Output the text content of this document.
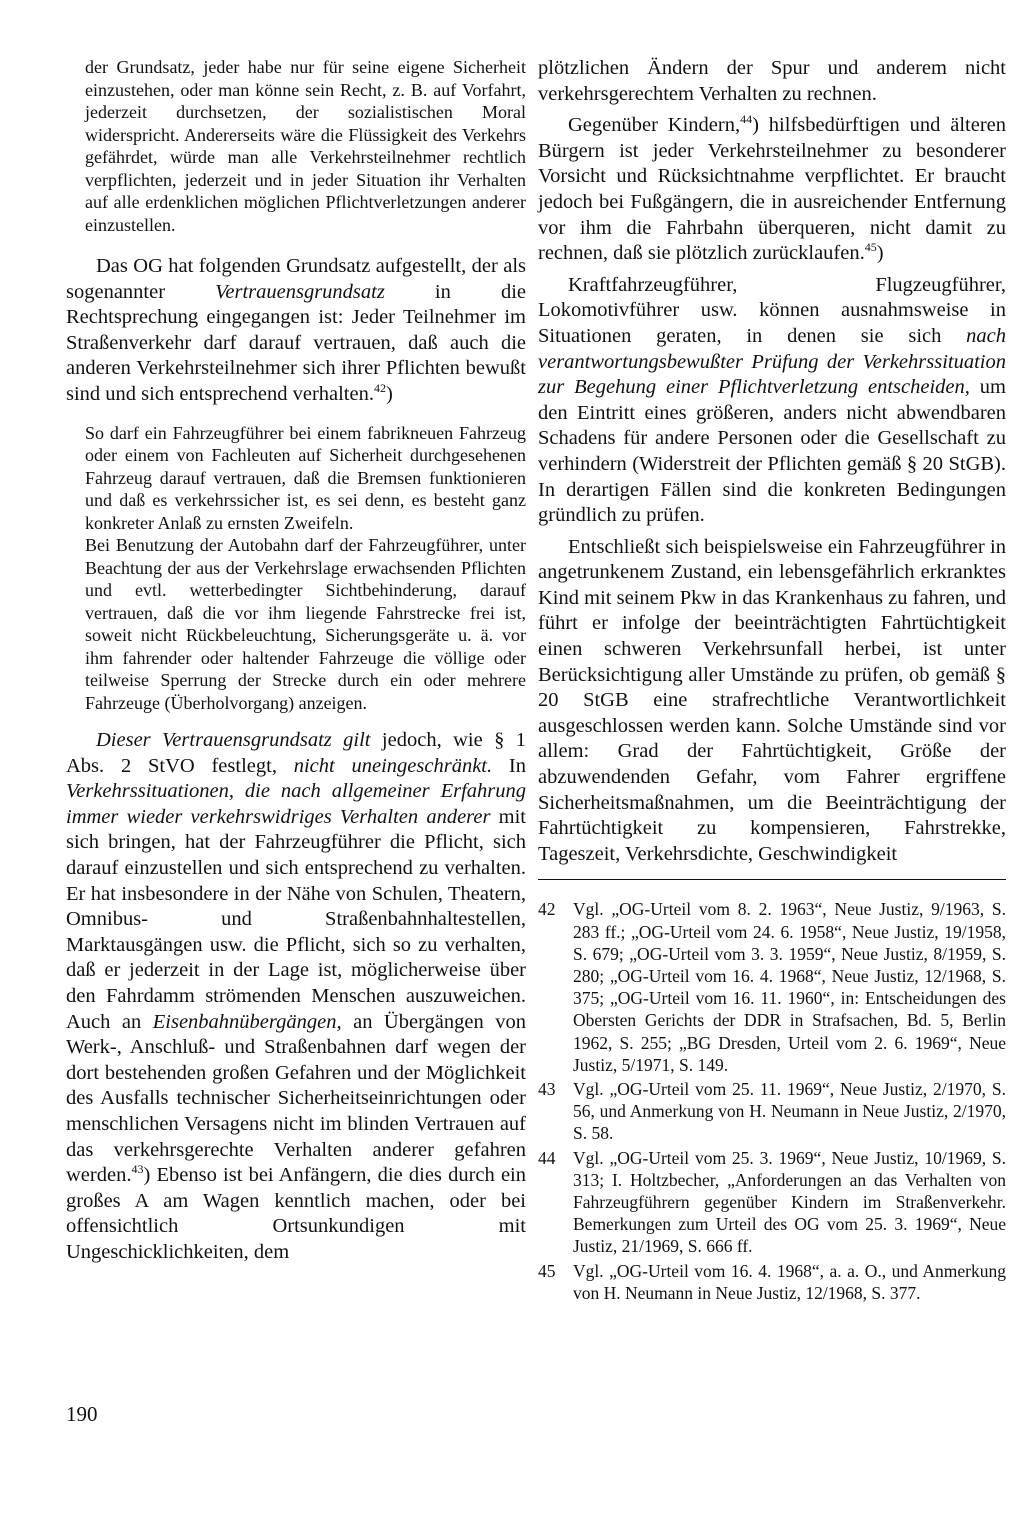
der Grundsatz, jeder habe nur für seine eigene Sicherheit einzustehen, oder man könne sein Recht, z. B. auf Vorfahrt, jederzeit durchsetzen, der sozialistischen Moral widerspricht. Andererseits wäre die Flüssigkeit des Verkehrs gefährdet, würde man alle Verkehrsteilnehmer rechtlich verpflichten, jederzeit und in jeder Situation ihr Verhalten auf alle erdenklichen möglichen Pflichtverletzungen anderer einzustellen.

Das OG hat folgenden Grundsatz aufgestellt, der als sogenannter Vertrauensgrundsatz in die Rechtsprechung eingegangen ist: Jeder Teilnehmer im Straßenverkehr darf darauf vertrauen, daß auch die anderen Verkehrsteilnehmer sich ihrer Pflichten bewußt sind und sich entsprechend verhalten.$^{42}$)

So darf ein Fahrzeugführer bei einem fabrikneuen Fahrzeug oder einem von Fachleuten auf Sicherheit durchgesehenen Fahrzeug darauf vertrauen, daß die Bremsen funktionieren und daß es verkehrssicher ist, es sei denn, es besteht ganz konkreter Anlaß zu ernsten Zweifeln.

Bei Benutzung der Autobahn darf der Fahrzeugführer, unter Beachtung der aus der Verkehrslage erwachsenden Pflichten und evtl. wetterbedingter Sichtbehinderung, darauf vertrauen, daß die vor ihm liegende Fahrstrecke frei ist, soweit nicht Rückbeleuchtung, Sicherungsgeräte u. ä. vor ihm fahrender oder haltender Fahrzeuge die völlige oder teilweise Sperrung der Strecke durch ein oder mehrere Fahrzeuge (Überholvorgang) anzeigen.

Dieser Vertrauensgrundsatz gilt jedoch, wie § 1 Abs. 2 StVO festlegt, nicht uneingeschränkt. In Verkehrssituationen, die nach allgemeiner Erfahrung immer wieder verkehrswidriges Verhalten anderer mit sich bringen, hat der Fahrzeugführer die Pflicht, sich darauf einzustellen und sich entsprechend zu verhalten. Er hat insbesondere in der Nähe von Schulen, Theatern, Omnibus- und Straßenbahnhaltestellen, Marktausgängen usw. die Pflicht, sich so zu verhalten, daß er jederzeit in der Lage ist, möglicherweise über den Fahrdamm strömenden Menschen auszuweichen. Auch an Eisenbahnübergängen, an Übergängen von Werk-, Anschluß- und Straßenbahnen darf wegen der dort bestehenden großen Gefahren und der Möglichkeit des Ausfalls technischer Sicherheitseinrichtungen oder menschlichen Versagens nicht im blinden Vertrauen auf das verkehrsgerechte Verhalten anderer gefahren werden.$^{43}$) Ebenso ist bei Anfängern, die dies durch ein großes A am Wagen kenntlich machen, oder bei offensichtlich Ortsunkundigen mit Ungeschicklichkeiten, dem

plötzlichen Ändern der Spur und anderem nicht verkehrsgerechtem Verhalten zu rechnen.

Gegenüber Kindern,$^{44}$) hilfsbedürftigen und älteren Bürgern ist jeder Verkehrsteilnehmer zu besonderer Vorsicht und Rücksichtnahme verpflichtet. Er braucht jedoch bei Fußgängern, die in ausreichender Entfernung vor ihm die Fahrbahn überqueren, nicht damit zu rechnen, daß sie plötzlich zurücklaufen.$^{45}$)

Kraftfahrzeugführer, Flugzeugführer, Lokomotivführer usw. können ausnahmsweise in Situationen geraten, in denen sie sich nach verantwortungsbewußter Prüfung der Verkehrssituation zur Begehung einer Pflichtverletzung entscheiden, um den Eintritt eines größeren, anders nicht abwendbaren Schadens für andere Personen oder die Gesellschaft zu verhindern (Widerstreit der Pflichten gemäß § 20 StGB). In derartigen Fällen sind die konkreten Bedingungen gründlich zu prüfen.

Entschließt sich beispielsweise ein Fahrzeugführer in angetrunkenem Zustand, ein lebensgefährlich erkranktes Kind mit seinem Pkw in das Krankenhaus zu fahren, und führt er infolge der beeinträchtigten Fahrtüchtigkeit einen schweren Verkehrsunfall herbei, ist unter Berücksichtigung aller Umstände zu prüfen, ob gemäß § 20 StGB eine strafrechtliche Verantwortlichkeit ausgeschlossen werden kann. Solche Umstände sind vor allem: Grad der Fahrtüchtigkeit, Größe der abzuwendenden Gefahr, vom Fahrer ergriffene Sicherheitsmaßnahmen, um die Beeinträchtigung der Fahrtüchtigkeit zu kompensieren, Fahrstrekke, Tageszeit, Verkehrsdichte, Geschwindigkeit

42	Vgl. „OG-Urteil vom 8. 2. 1963“, Neue Justiz, 9/1963, S. 283 ff.; „OG-Urteil vom 24. 6. 1958“, Neue Justiz, 19/1958, S. 679; „OG-Urteil vom 3. 3. 1959“, Neue Justiz, 8/1959, S. 280; „OG-Urteil vom 16. 4. 1968“, Neue Justiz, 12/1968, S. 375; „OG-Urteil vom 16. 11. 1960“, in: Entscheidungen des Obersten Gerichts der DDR in Strafsachen, Bd. 5, Berlin 1962, S. 255; „BG Dresden, Urteil vom 2. 6. 1969“, Neue Justiz, 5/1971, S. 149.
43	Vgl. „OG-Urteil vom 25. 11. 1969“, Neue Justiz, 2/1970, S. 56, und Anmerkung von H. Neumann in Neue Justiz, 2/1970, S. 58.
44	Vgl. „OG-Urteil vom 25. 3. 1969“, Neue Justiz, 10/1969, S. 313; I. Holtzbecher, „Anforderungen an das Verhalten von Fahrzeugführern gegenüber Kindern im Straßenverkehr. Bemerkungen zum Urteil des OG vom 25. 3. 1969“, Neue Justiz, 21/1969, S. 666 ff.
45	Vgl. „OG-Urteil vom 16. 4. 1968“, a. a. O., und Anmerkung von H. Neumann in Neue Justiz, 12/1968, S. 377.
190
